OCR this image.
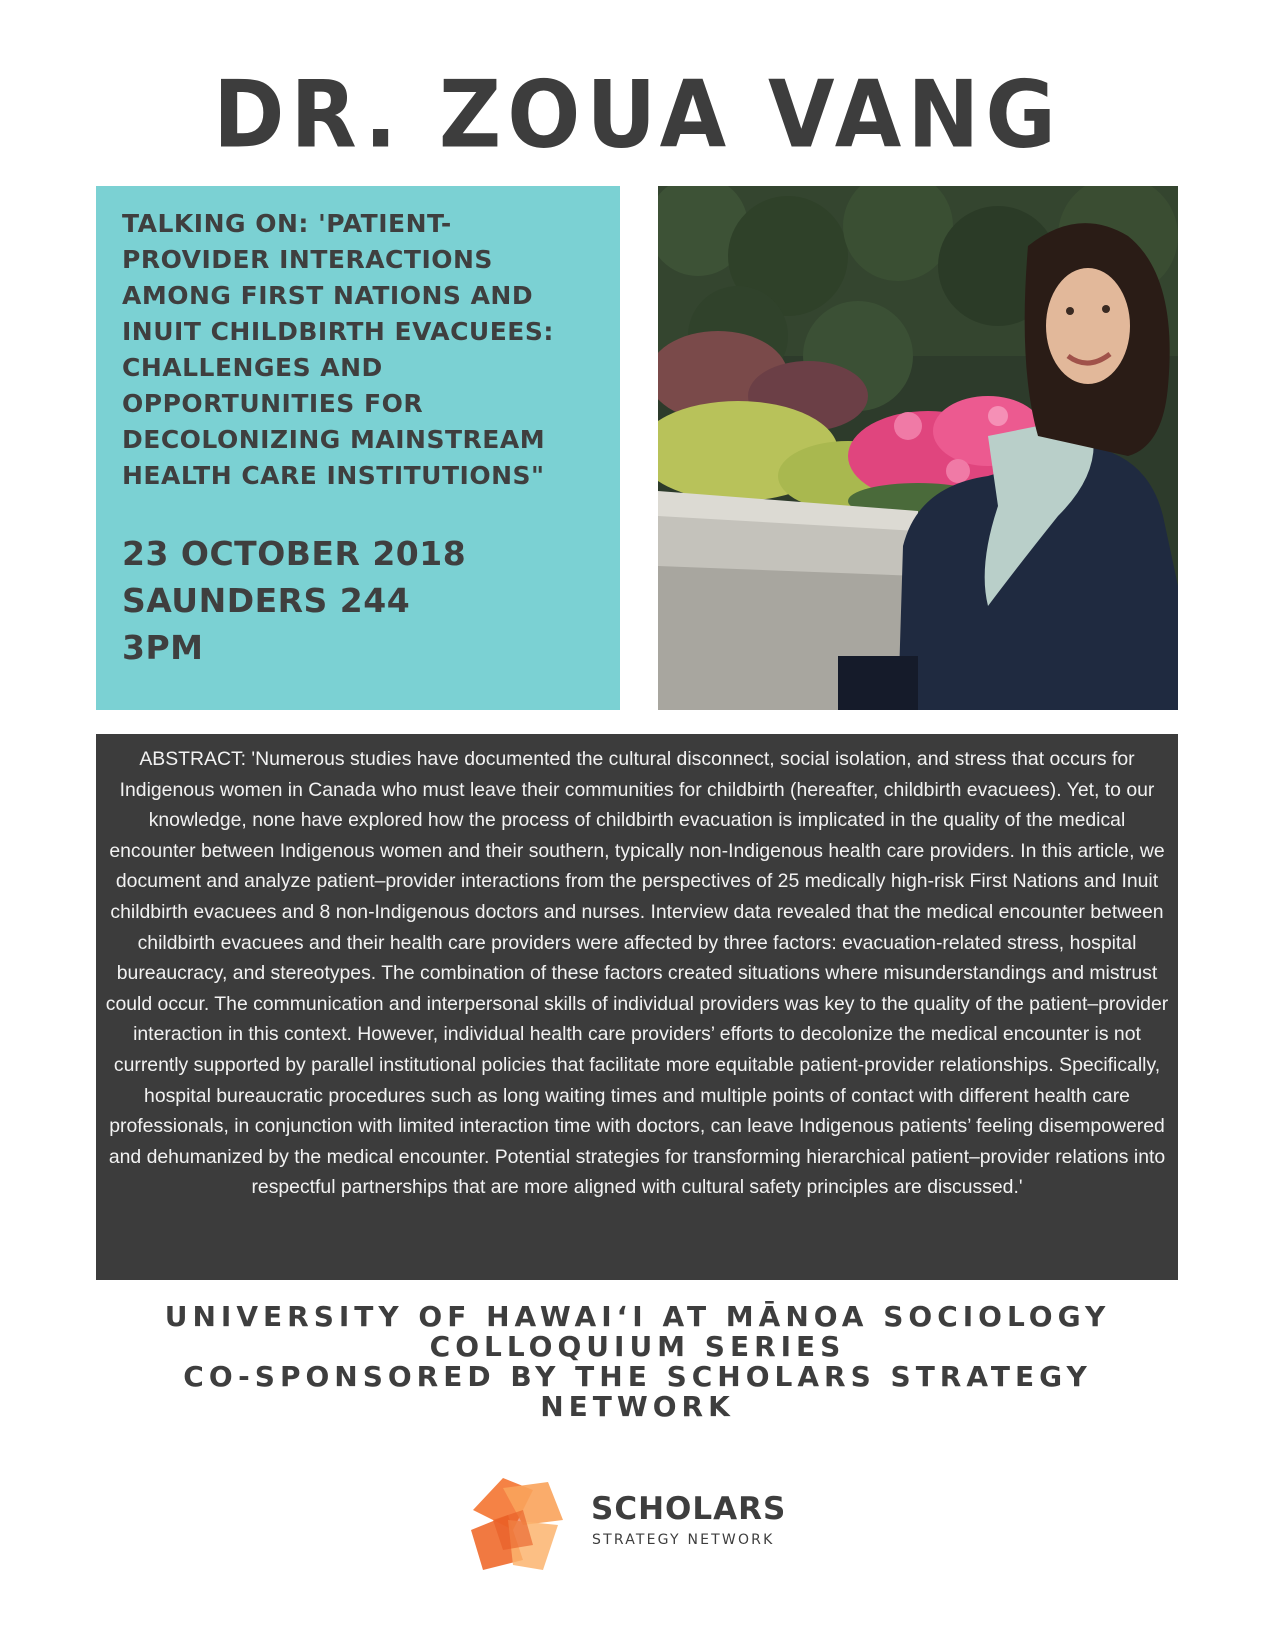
DR. ZOUA VANG
TALKING ON: 'PATIENT-
PROVIDER INTERACTIONS
AMONG FIRST NATIONS AND
INUIT CHILDBIRTH EVACUEES:
CHALLENGES AND
OPPORTUNITIES FOR
DECOLONIZING MAINSTREAM
HEALTH CARE INSTITUTIONS"
23 OCTOBER 2018
SAUNDERS 244
3PM

ABSTRACT: 'Numerous studies have documented the cultural disconnect, social isolation, and stress that occurs for Indigenous women in Canada who must leave their communities for childbirth (hereafter, childbirth evacuees). Yet, to our knowledge, none have explored how the process of childbirth evacuation is implicated in the quality of the medical encounter between Indigenous women and their southern, typically non-Indigenous health care providers. In this article, we document and analyze patient–provider interactions from the perspectives of 25 medically high-risk First Nations and Inuit childbirth evacuees and 8 non-Indigenous doctors and nurses. Interview data revealed that the medical encounter between childbirth evacuees and their health care providers were affected by three factors: evacuation-related stress, hospital bureaucracy, and stereotypes. The combination of these factors created situations where misunderstandings and mistrust could occur. The communication and interpersonal skills of individual providers was key to the quality of the patient–provider interaction in this context. However, individual health care providers’ efforts to decolonize the medical encounter is not currently supported by parallel institutional policies that facilitate more equitable patient-provider relationships. Specifically, hospital bureaucratic procedures such as long waiting times and multiple points of contact with different health care professionals, in conjunction with limited interaction time with doctors, can leave Indigenous patients’ feeling disempowered and dehumanized by the medical encounter. Potential strategies for transforming hierarchical patient–provider relations into respectful partnerships that are more aligned with cultural safety principles are discussed.'

UNIVERSITY OF HAWAIʻI AT MĀNOA SOCIOLOGY
COLLOQUIUM SERIES
CO-SPONSORED BY THE SCHOLARS STRATEGY
NETWORK
SCHOLARS
STRATEGY NETWORK
